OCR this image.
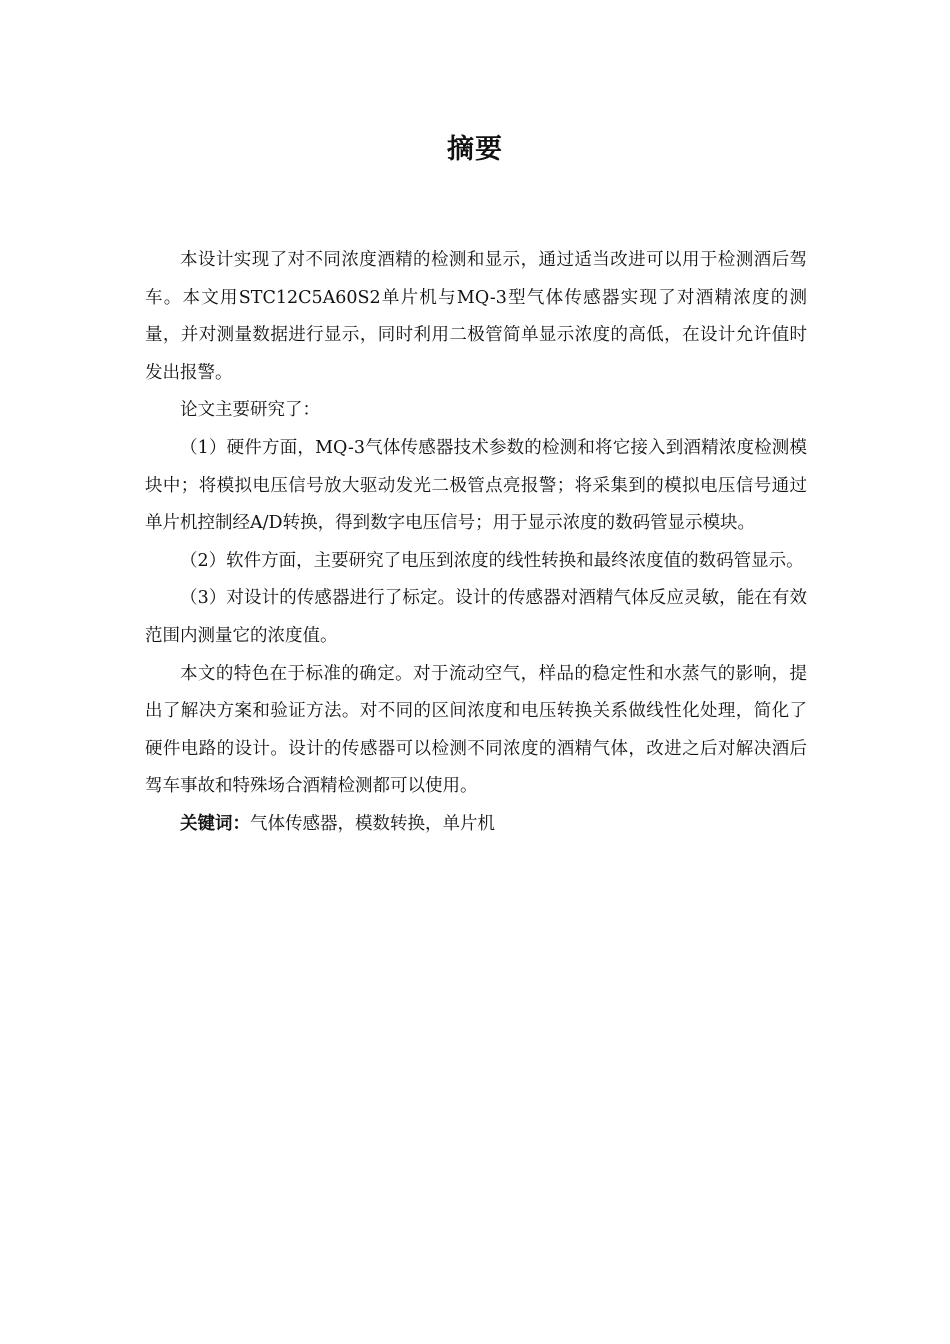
摘要

本设计实现了对不同浓度酒精的检测和显示，通过适当改进可以用于检测酒后驾车。本文用STC12C5A60S2单片机与MQ-3型气体传感器实现了对酒精浓度的测量，并对测量数据进行显示，同时利用二极管简单显示浓度的高低，在设计允许值时发出报警。

论文主要研究了：

（1）硬件方面，MQ-3气体传感器技术参数的检测和将它接入到酒精浓度检测模块中；将模拟电压信号放大驱动发光二极管点亮报警；将采集到的模拟电压信号通过单片机控制经A/D转换，得到数字电压信号；用于显示浓度的数码管显示模块。

（2）软件方面，主要研究了电压到浓度的线性转换和最终浓度值的数码管显示。

（3）对设计的传感器进行了标定。设计的传感器对酒精气体反应灵敏，能在有效范围内测量它的浓度值。

本文的特色在于标准的确定。对于流动空气，样品的稳定性和水蒸气的影响，提出了解决方案和验证方法。对不同的区间浓度和电压转换关系做线性化处理，简化了硬件电路的设计。设计的传感器可以检测不同浓度的酒精气体，改进之后对解决酒后驾车事故和特殊场合酒精检测都可以使用。

关键词：气体传感器，模数转换，单片机
